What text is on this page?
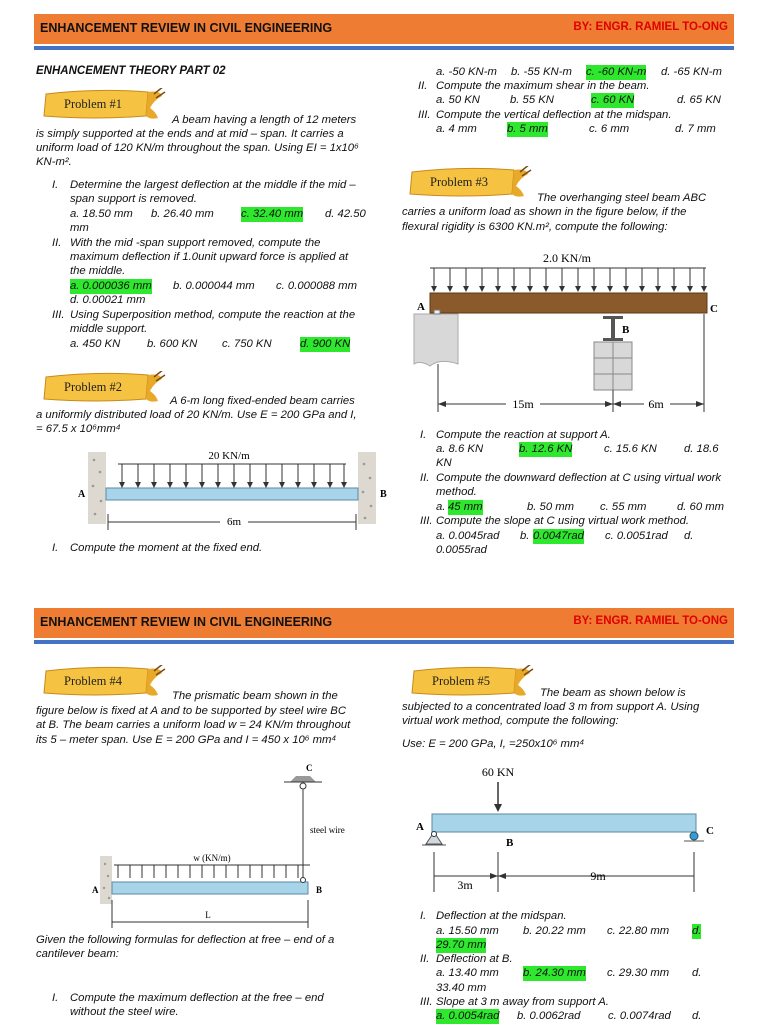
ENHANCEMENT REVIEW IN CIVIL ENGINEERING	BY: ENGR. RAMIEL TO-ONG
ENHANCEMENT THEORY PART 02
Problem #1
A beam having a length of 12 meters
is simply supported at the ends and at mid – span. It carries a
uniform load of 120 KN/m throughout the span. Using EI = 1x10⁶
KN-m².
I. Determine the largest deflection at the middle if the mid –
span support is removed.
a. 18.50 mm b. 26.40 mm c. 32.40 mm d. 42.50
mm
II. With the mid -span support removed, compute the
maximum deflection if 1.0unit upward force is applied at
the middle.
a. 0.000036 mm b. 0.000044 mm c. 0.000088 mm
d. 0.00021 mm
III. Using Superposition method, compute the reaction at the
middle support.
a. 450 KN b. 600 KN c. 750 KN	d. 900 KN
Problem #2
A 6-m long fixed-ended beam carries
a uniformly distributed load of 20 KN/m. Use E = 200 GPa and I,
= 67.5 x 10⁶mm⁴
20 KN/m
A	B
6m
I. Compute the moment at the fixed end.
a. -50 KN-m b. -55 KN-m c. -60 KN-m d. -65 KN-m
II. Compute the maximum shear in the beam.
a. 50 KN	b. 55 KN	c. 60 KN	d. 65 KN
III. Compute the vertical deflection at the midspan.
a. 4 mm	b. 5 mm	c. 6 mm	d. 7 mm
Problem #3
The overhanging steel beam ABC
carries a uniform load as shown in the figure below, if the
flexural rigidity is 6300 KN.m², compute the following:
2.0 KN/m
A	C
B
15m	6m
I. Compute the reaction at support A.
a. 8.6 KN	b. 12.6 KN	c. 15.6 KN d. 18.6
KN
II. Compute the downward deflection at C using virtual work
method.
a. 45 mm	b. 50 mm c. 55 mm	d. 60 mm
III. Compute the slope at C using virtual work method.
a. 0.0045rad b. 0.0047rad c. 0.0051rad d.
0.0055rad
ENHANCEMENT REVIEW IN CIVIL ENGINEERING	BY: ENGR. RAMIEL TO-ONG
Problem #4
The prismatic beam shown in the
figure below is fixed at A and to be supported by steel wire BC
at B. The beam carries a uniform load w = 24 KN/m throughout
its 5 – meter span. Use E = 200 GPa and I = 450 x 10⁶ mm⁴
C
steel wire
w (KN/m)
A	B
L
Given the following formulas for deflection at free – end of a
cantilever beam:
I. Compute the maximum deflection at the free – end
without the steel wire.
Problem #5
The beam as shown below is
subjected to a concentrated load 3 m from support A. Using
virtual work method, compute the following:
Use: E = 200 GPa, I, =250x10⁶ mm⁴
60 KN
A
B
C
3m
9m
I. Deflection at the midspan.
a. 15.50 mm b. 20.22 mm c. 22.80 mm d.
29.70 mm
II. Deflection at B.
a. 13.40 mm b. 24.30 mm c. 29.30 mm d.
33.40 mm
III. Slope at 3 m away from support A.
a. 0.0054rad b. 0.0062rad c. 0.0074rad d.
